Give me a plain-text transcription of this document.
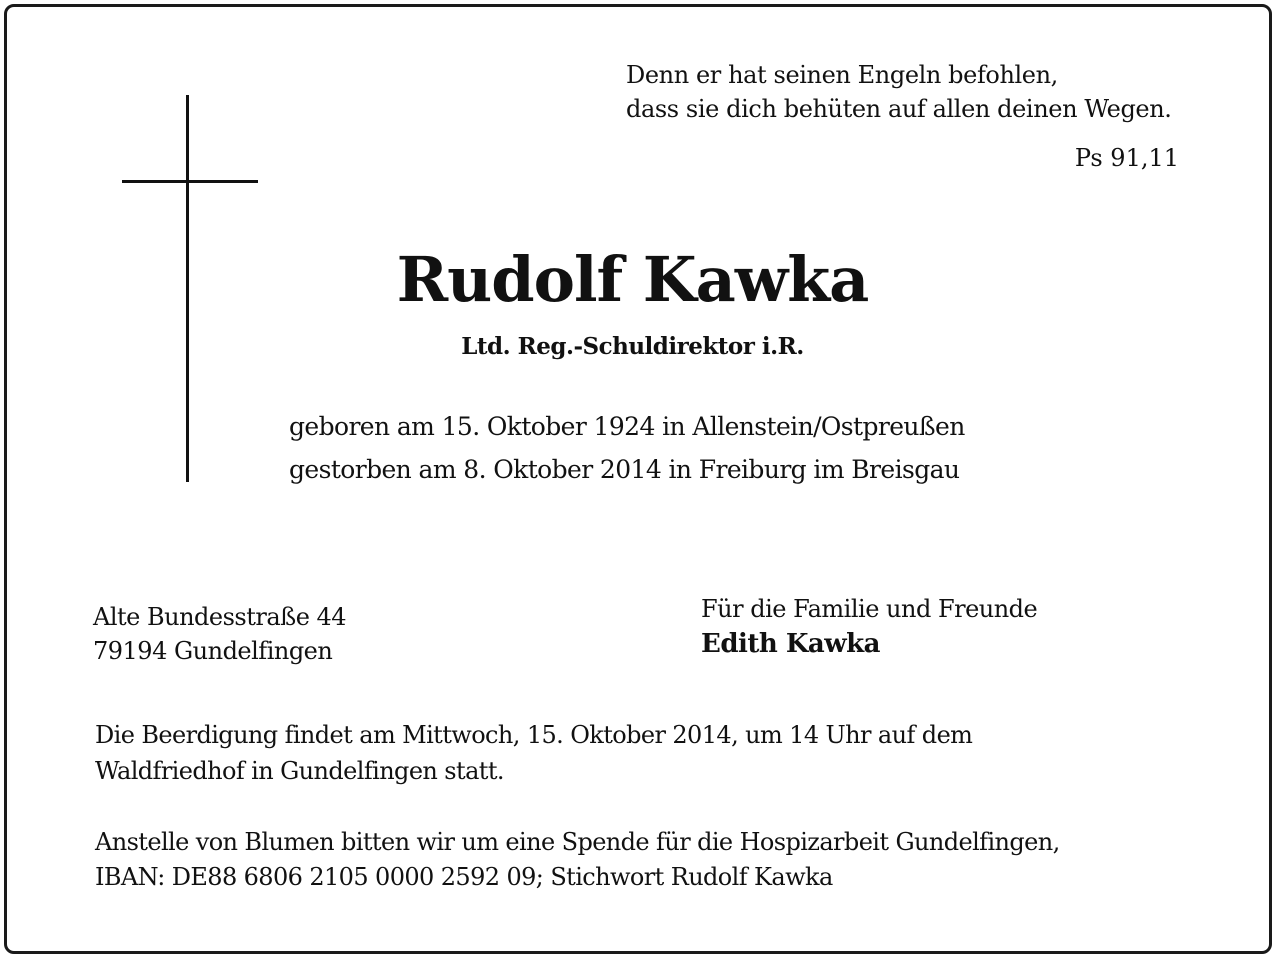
Denn er hat seinen Engeln befohlen,
dass sie dich behüten auf allen deinen Wegen.
Ps 91,11
Rudolf Kawka
Ltd. Reg.-Schuldirektor i.R.
geboren am 15. Oktober 1924 in Allenstein/Ostpreußen
gestorben am 8. Oktober 2014 in Freiburg im Breisgau
Alte Bundesstraße 44
79194 Gundelfingen
Für die Familie und Freunde
Edith Kawka
Die Beerdigung findet am Mittwoch, 15. Oktober 2014, um 14 Uhr auf dem
Waldfriedhof in Gundelfingen statt.
Anstelle von Blumen bitten wir um eine Spende für die Hospizarbeit Gundelfingen,
IBAN: DE88 6806 2105 0000 2592 09; Stichwort Rudolf Kawka
